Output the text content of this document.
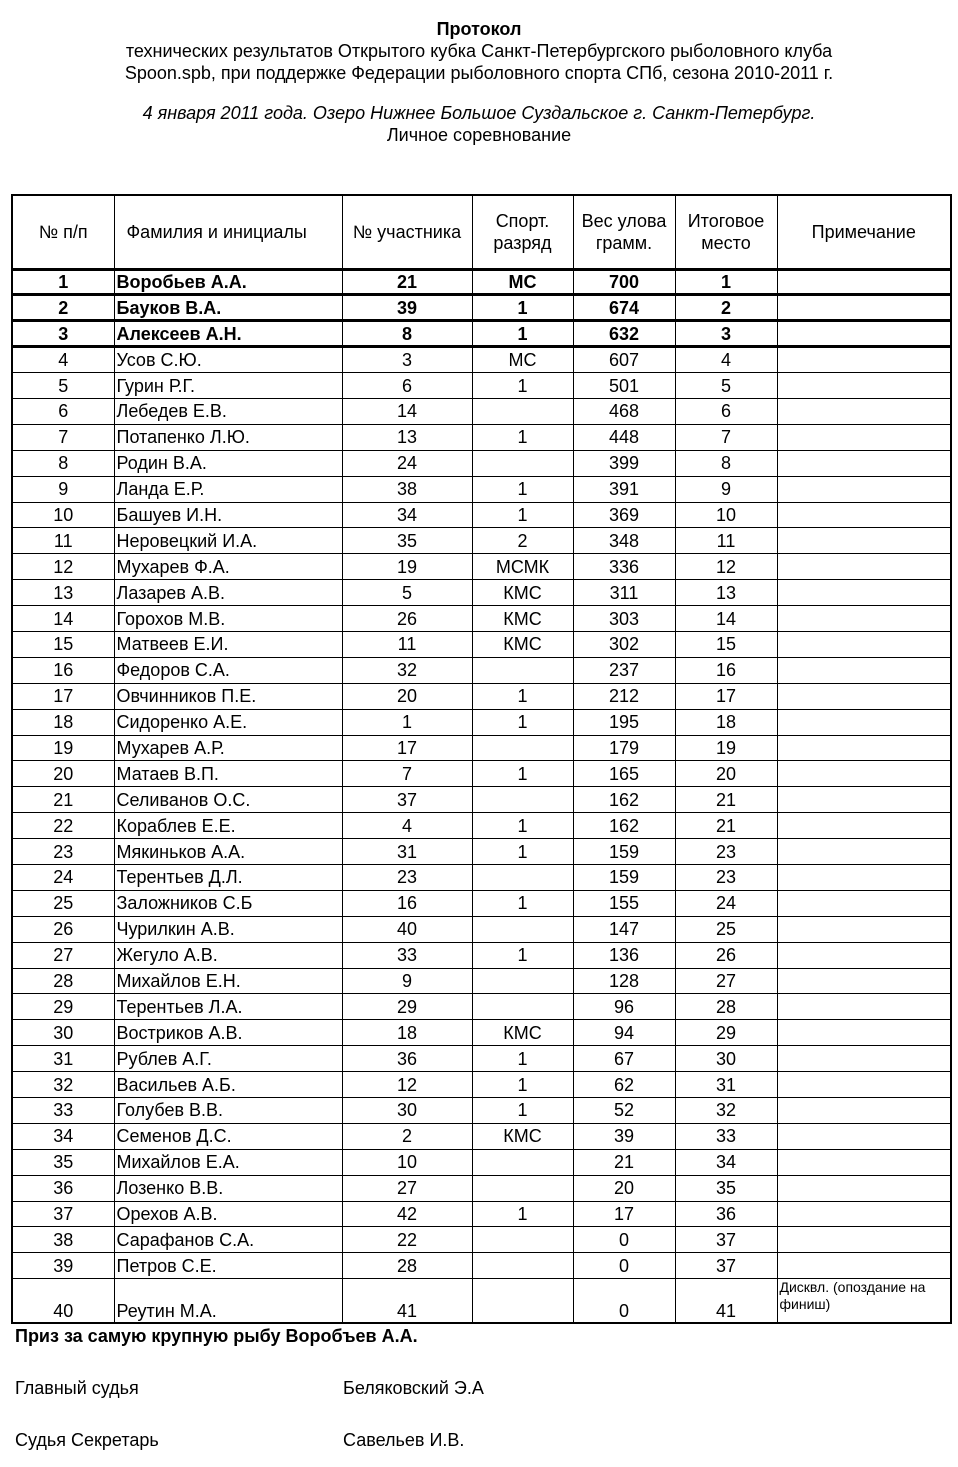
Протокол
технических результатов Открытого кубка Санкт-Петербургского рыболовного клуба
Spoon.spb, при поддержке Федерации рыболовного спорта СПб, сезона 2010-2011 г.
4 января 2011 года. Озеро Нижнее Большое Суздальское г. Санкт-Петербург.
Личное соревнование
№ п/п	Фамилия и инициалы	№ участника	Спорт. разряд	Вес улова грамм.	Итоговое место	Примечание
1	Воробьев А.А.	21	МС	700	1	
2	Бауков В.А.	39	1	674	2	
3	Алексеев А.Н.	8	1	632	3	
4	Усов С.Ю.	3	МС	607	4	
5	Гурин Р.Г.	6	1	501	5	
6	Лебедев Е.В.	14		468	6	
7	Потапенко Л.Ю.	13	1	448	7	
8	Родин В.А.	24		399	8	
9	Ланда Е.Р.	38	1	391	9	
10	Башуев И.Н.	34	1	369	10	
11	Неровецкий И.А.	35	2	348	11	
12	Мухарев Ф.А.	19	МСМК	336	12	
13	Лазарев А.В.	5	КМС	311	13	
14	Горохов М.В.	26	КМС	303	14	
15	Матвеев Е.И.	11	КМС	302	15	
16	Федоров С.А.	32		237	16	
17	Овчинников П.Е.	20	1	212	17	
18	Сидоренко А.Е.	1	1	195	18	
19	Мухарев А.Р.	17		179	19	
20	Матаев В.П.	7	1	165	20	
21	Селиванов О.С.	37		162	21	
22	Кораблев Е.Е.	4	1	162	21	
23	Мякиньков А.А.	31	1	159	23	
24	Терентьев Д.Л.	23		159	23	
25	Заложников С.Б	16	1	155	24	
26	Чурилкин А.В.	40		147	25	
27	Жегуло А.В.	33	1	136	26	
28	Михайлов Е.Н.	9		128	27	
29	Терентьев Л.А.	29		96	28	
30	Востриков А.В.	18	КМС	94	29	
31	Рублев А.Г.	36	1	67	30	
32	Васильев А.Б.	12	1	62	31	
33	Голубев В.В.	30	1	52	32	
34	Семенов Д.С.	2	КМС	39	33	
35	Михайлов Е.А.	10		21	34	
36	Лозенко В.В.	27		20	35	
37	Орехов А.В.	42	1	17	36	
38	Сарафанов С.А.	22		0	37	
39	Петров С.Е.	28		0	37	
40	Реутин М.А.	41		0	41	Дисквл. (опоздание на финиш)
Приз за самую крупную рыбу Воробъев А.А.
Главный судья	Беляковский Э.А
Судья Секретарь	Савельев И.В.
